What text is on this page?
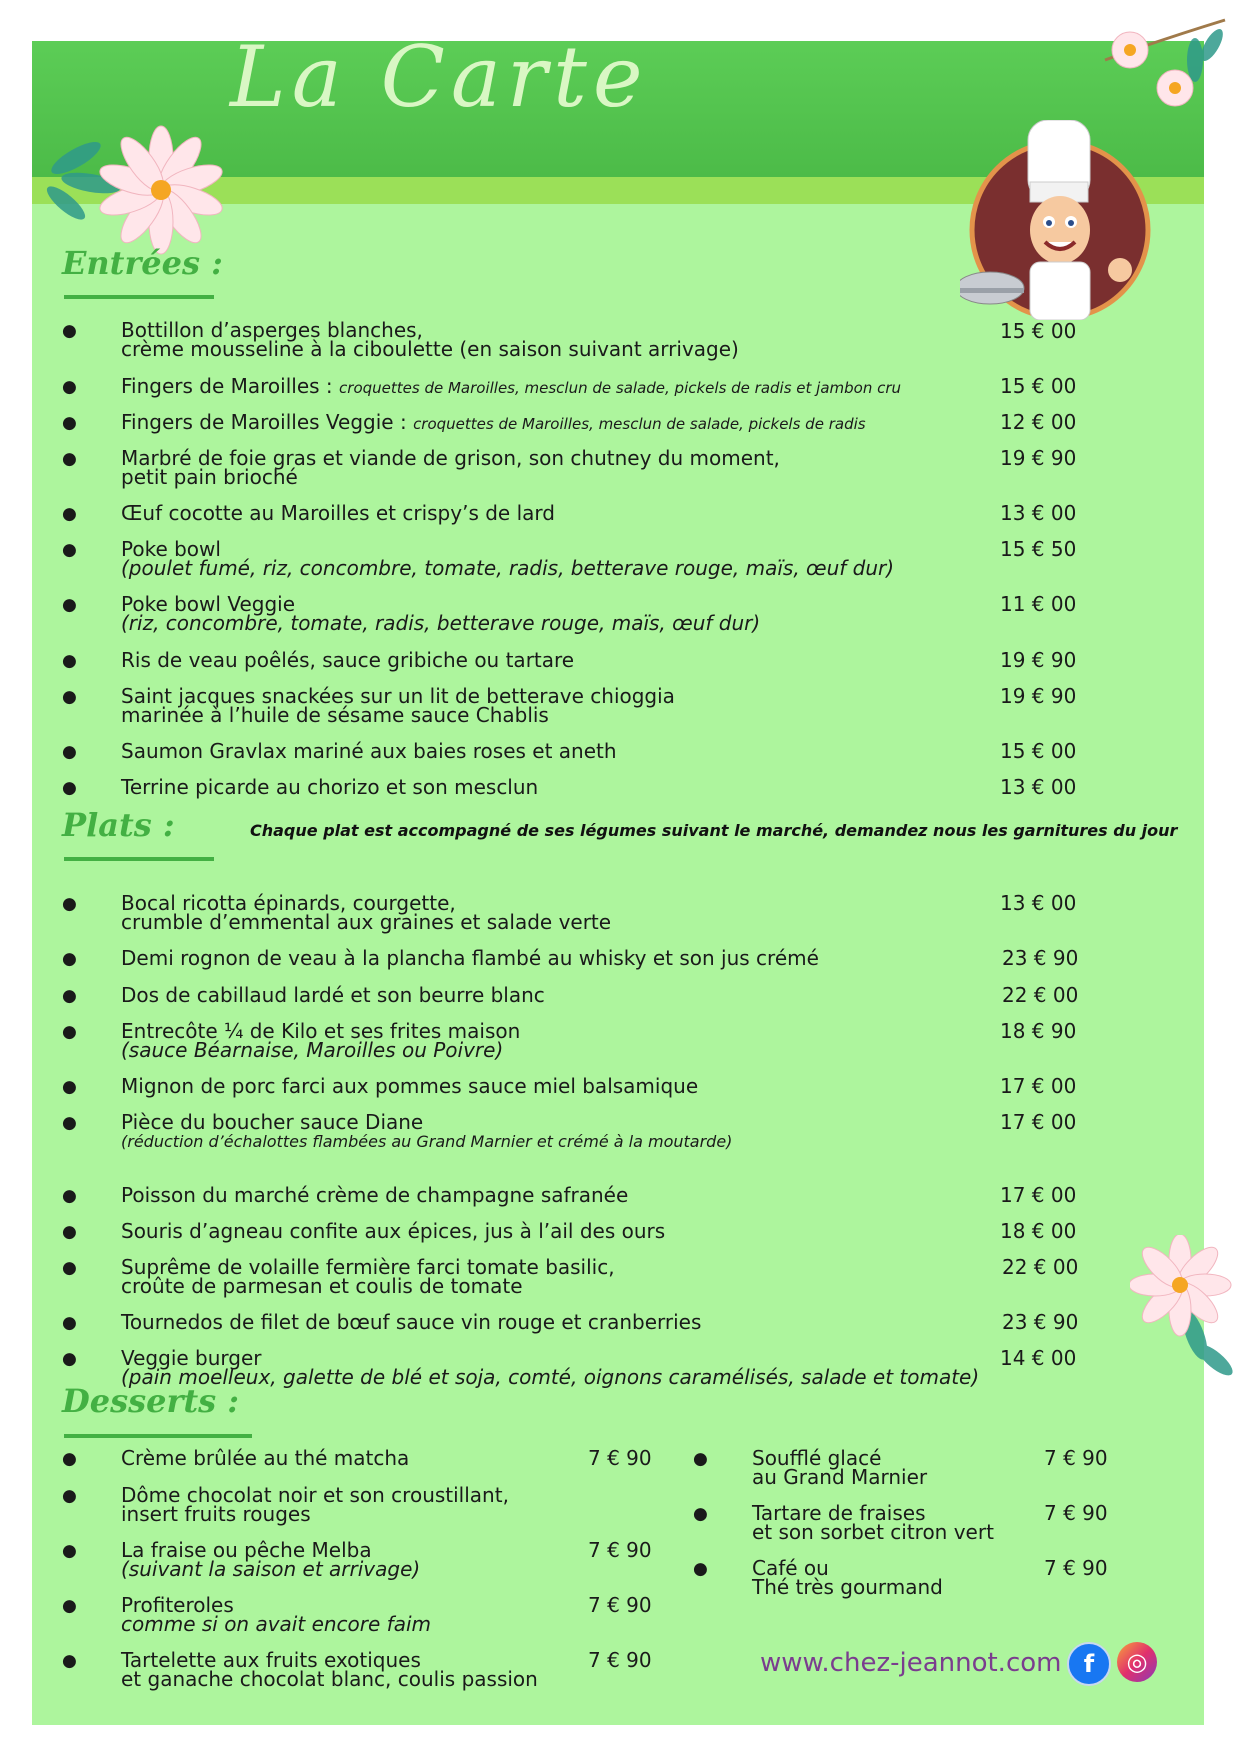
La Carte
Entrées :
● Bottillon d’asperges blanches,
crème mousseline à la ciboulette (en saison suivant arrivage)
15 € 00
● Fingers de Maroilles : croquettes de Maroilles, mesclun de salade, pickels de radis et jambon cru	15 € 00
● Fingers de Maroilles Veggie : croquettes de Maroilles, mesclun de salade, pickels de radis	12 € 00
● Marbré de foie gras et viande de grison, son chutney du moment,
petit pain brioché
19 € 90
● Œuf cocotte au Maroilles et crispy’s de lard	13 € 00
● Poke bowl
(poulet fumé, riz, concombre, tomate, radis, betterave rouge, maïs, œuf dur)
15 € 50
● Poke bowl Veggie
(riz, concombre, tomate, radis, betterave rouge, maïs, œuf dur)
11 € 00
● Ris de veau poêlés, sauce gribiche ou tartare	19 € 90
● Saint jacques snackées sur un lit de betterave chioggia
marinée à l’huile de sésame sauce Chablis
19 € 90
● Saumon Gravlax mariné aux baies roses et aneth	15 € 00
● Terrine picarde au chorizo et son mesclun	13 € 00
Plats :	Chaque plat est accompagné de ses légumes suivant le marché, demandez nous les garnitures du jour
● Bocal ricotta épinards, courgette,
crumble d’emmental aux graines et salade verte
13 € 00
● Demi rognon de veau à la plancha flambé au whisky et son jus crémé	23 € 90
● Dos de cabillaud lardé et son beurre blanc	22 € 00
● Entrecôte ¼ de Kilo et ses frites maison
(sauce Béarnaise, Maroilles ou Poivre)
18 € 90
● Mignon de porc farci aux pommes sauce miel balsamique	17 € 00
● Pièce du boucher sauce Diane
(réduction d’échalottes flambées au Grand Marnier et crémé à la moutarde)
17 € 00
● Poisson du marché crème de champagne safranée	17 € 00
● Souris d’agneau confite aux épices, jus à l’ail des ours	18 € 00
● Suprême de volaille fermière farci tomate basilic,
croûte de parmesan et coulis de tomate
22 € 00
● Tournedos de filet de bœuf sauce vin rouge et cranberries	23 € 90
● Veggie burger
(pain moelleux, galette de blé et soja, comté, oignons caramélisés, salade et tomate)
14 € 00
Desserts :
● Crème brûlée au thé matcha	7 € 90
● Dôme chocolat noir et son croustillant,
insert fruits rouges
● La fraise ou pêche Melba
(suivant la saison et arrivage)
7 € 90
● Profiteroles
comme si on avait encore faim
7 € 90
● Tartelette aux fruits exotiques
et ganache chocolat blanc, coulis passion
7 € 90
● Soufflé glacé
au Grand Marnier
7 € 90
● Tartare de fraises
et son sorbet citron vert
7 € 90
● Café ou
Thé très gourmand
7 € 90
www.chez-jeannot.com f	◎
